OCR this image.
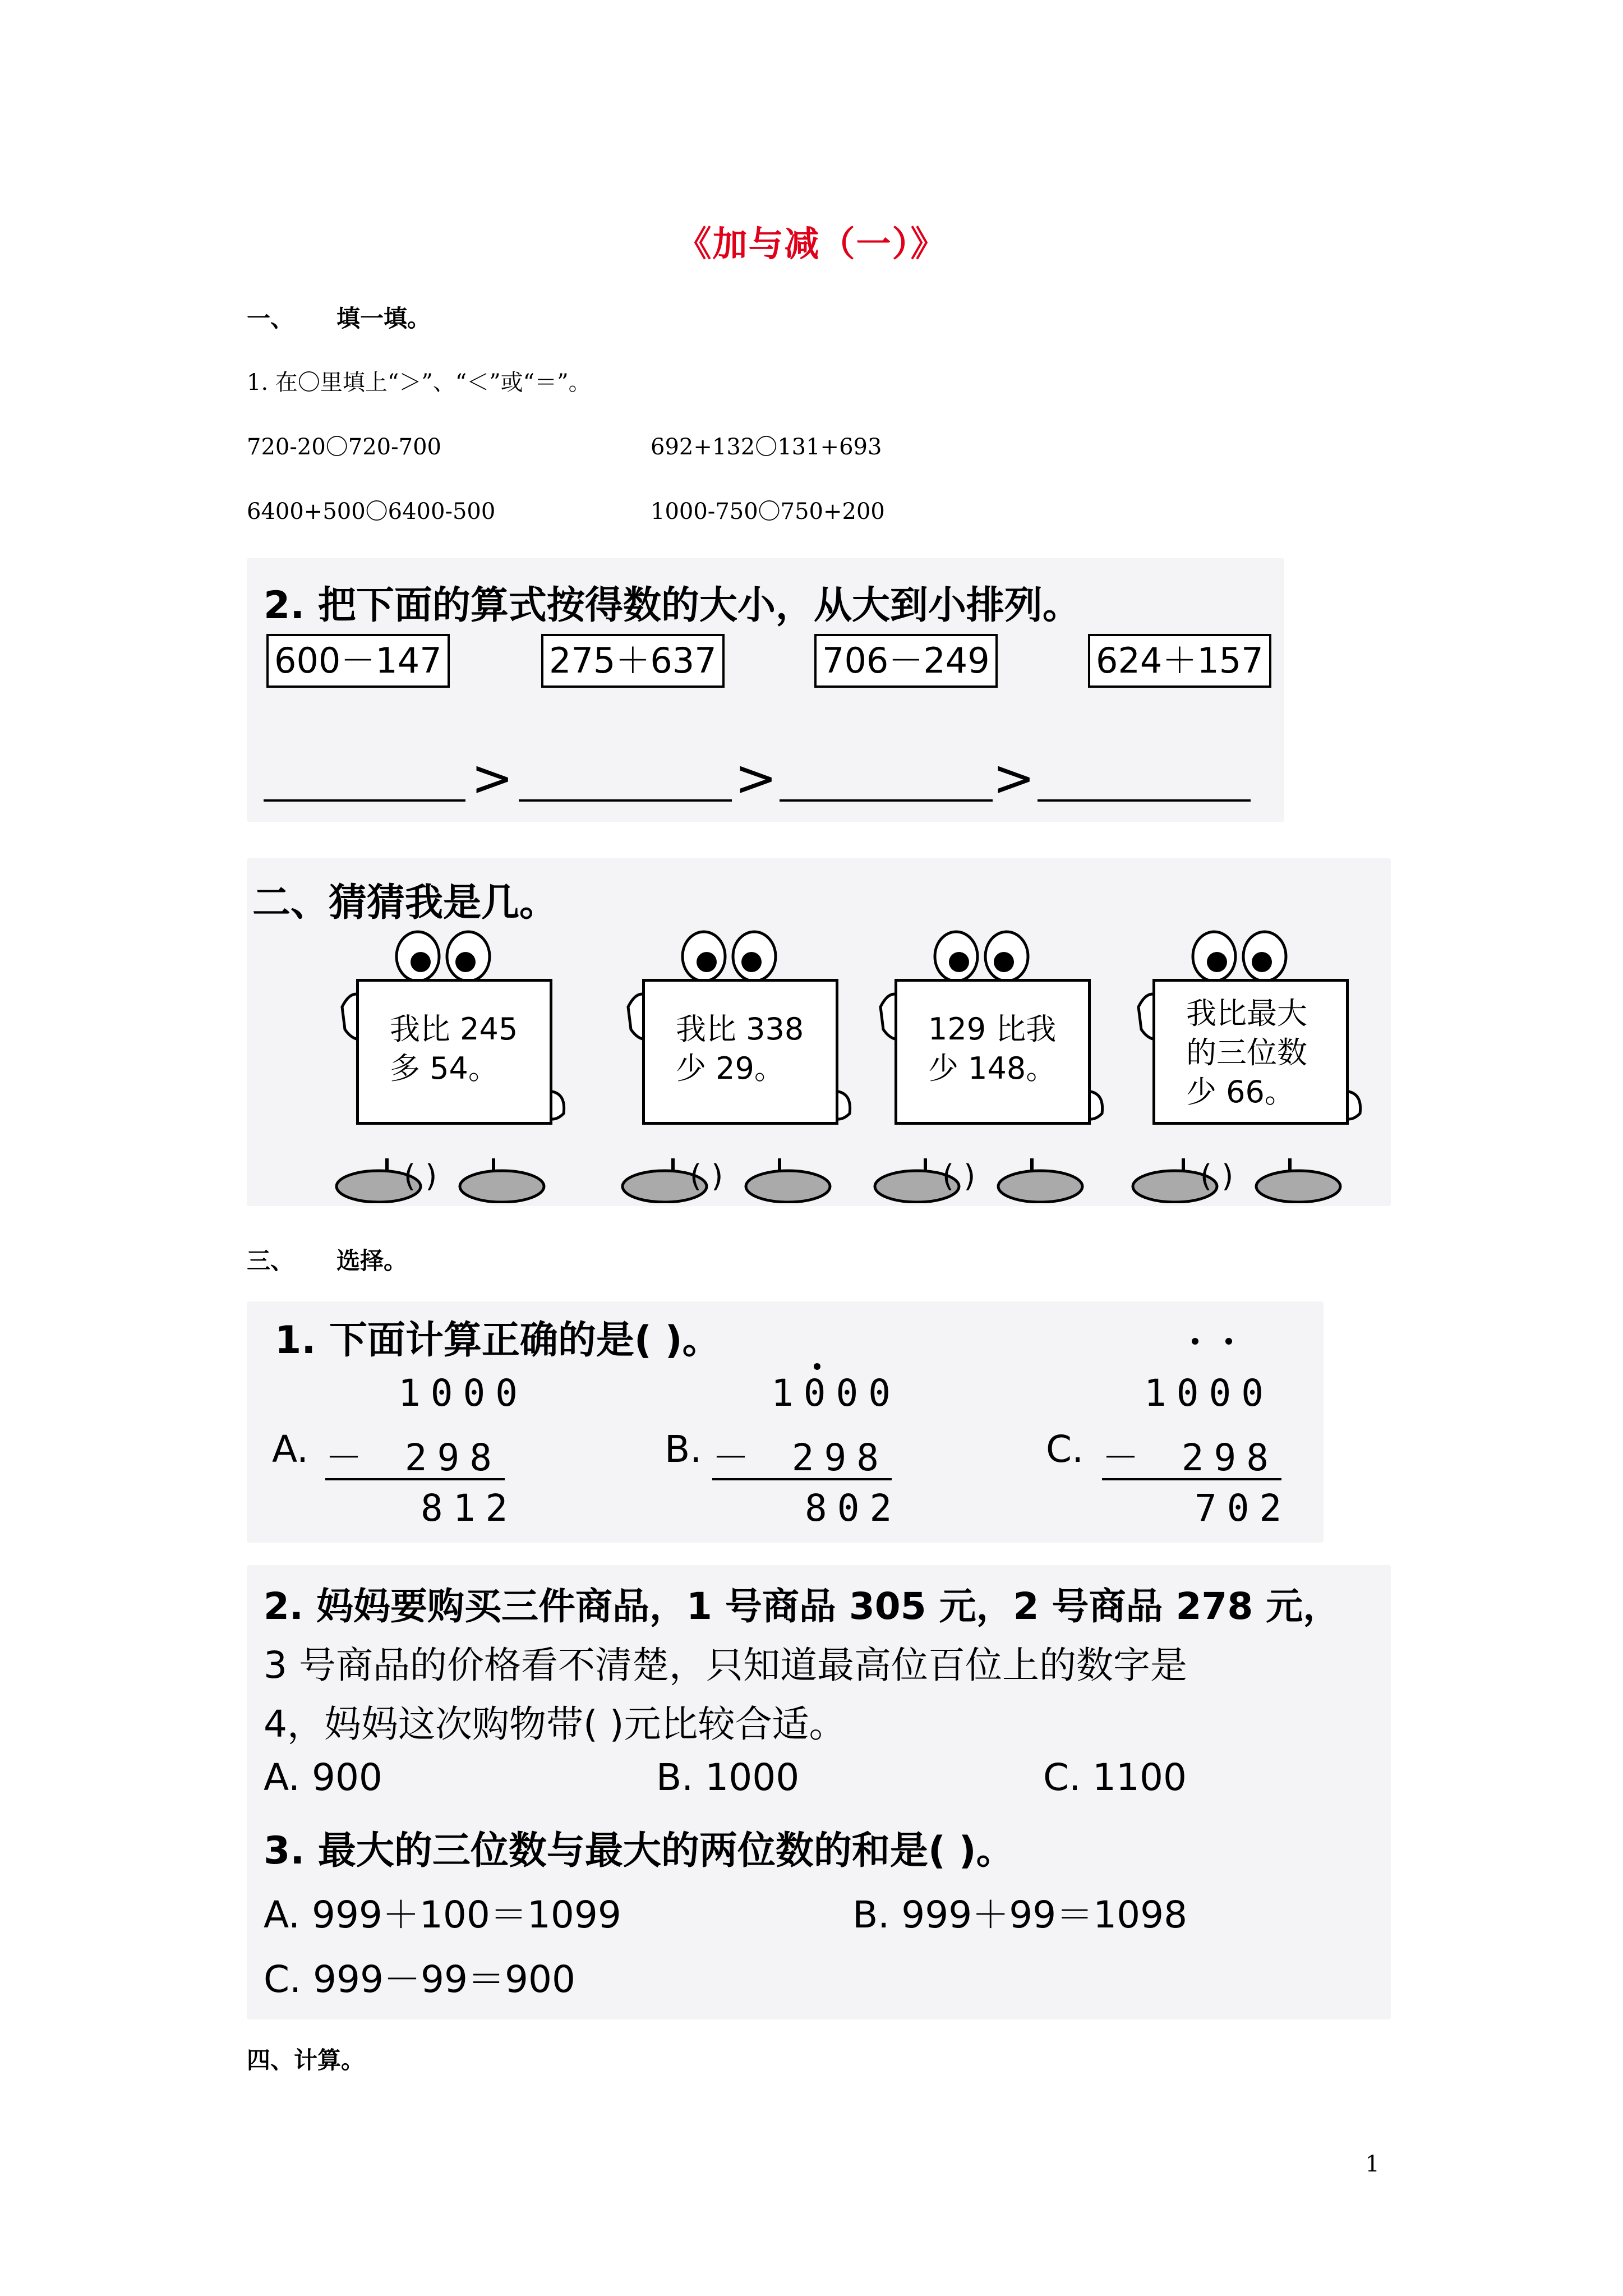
《加与减（一）》
一、 填一填。
1. 在〇里填上“＞”、“＜”或“＝”。
720-20〇720-700	692+132〇131+693
6400+500〇6400-500	1000-750〇750+200
2. 把下面的算式按得数的大小，从大到小排列。
600－147	275＋637	706－249	624＋157
>	>	>
二、猜猜我是几。
我比 245
多 54。
( )
我比 338
少 29。
( )
129 比我
少 148。
( )
我比最大
的三位数
少 66。
( )
三、 选择。
1. 下面计算正确的是( )。
A.
1000
－ 298
812
B.
1000
－ 298
802
C.
1000
－ 298
702
2. 妈妈要购买三件商品，1 号商品 305 元，2 号商品 278 元，
3 号商品的价格看不清楚，只知道最高位百位上的数字是
4，妈妈这次购物带( )元比较合适。
A. 900	B. 1000	C. 1100
3. 最大的三位数与最大的两位数的和是( )。
A. 999＋100＝1099	B. 999＋99＝1098
C. 999－99＝900
四、计算。
1
